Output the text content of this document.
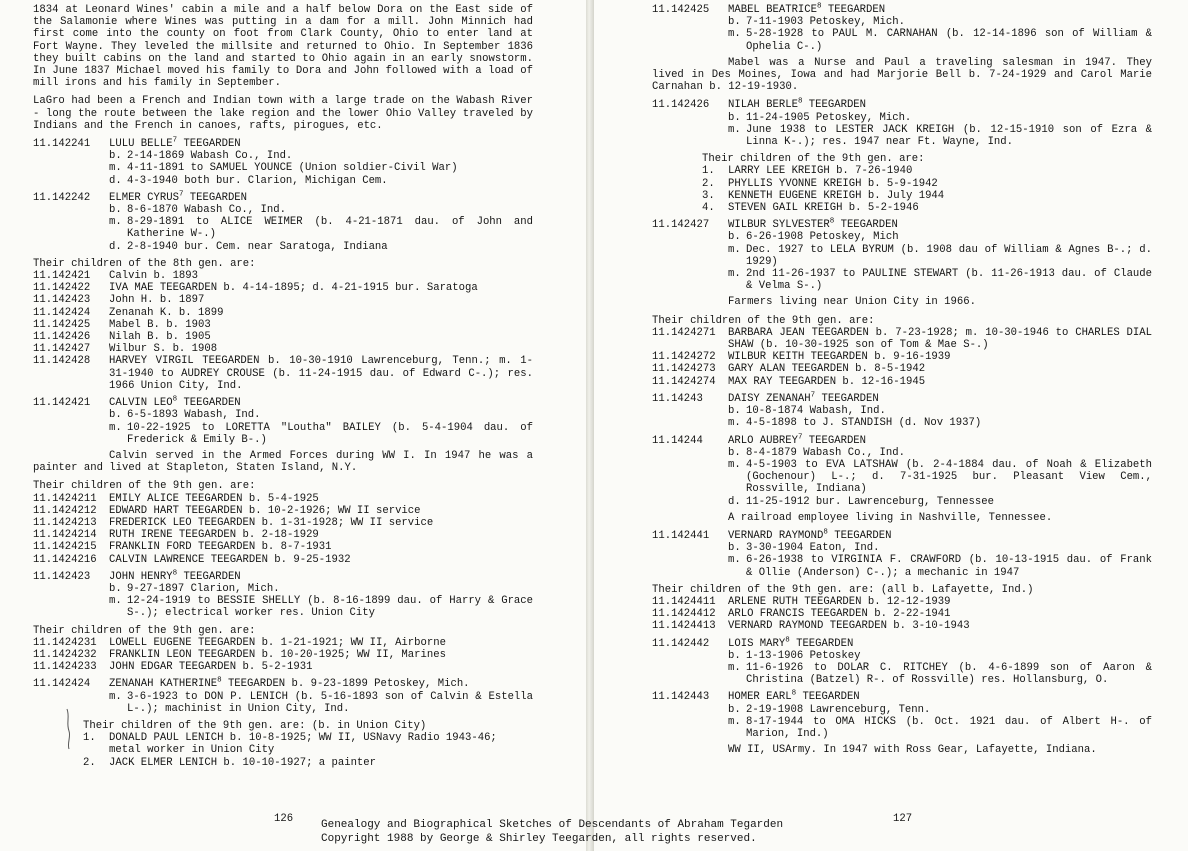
1834 at Leonard Wines' cabin a mile and a half below Dora on the East side of the Salamonie where Wines was putting in a dam for a mill. John Minnich had first come into the county on foot from Clark County, Ohio to enter land at Fort Wayne. They leveled the millsite and returned to Ohio. In September 1836 they built cabins on the land and started to Ohio again in an early snowstorm. In June 1837 Michael moved his family to Dora and John followed with a load of mill irons and his family in September.

LaGro had been a French and Indian town with a large trade on the Wabash River - long the route between the lake region and the lower Ohio Valley traveled by Indians and the French in canoes, rafts, pirogues, etc.

11.142241	LULU BELLE$^7$ TEEGARDEN
b. 2-14-1869 Wabash Co., Ind.
m. 4-11-1891 to SAMUEL YOUNCE (Union soldier-Civil War)
d. 4-3-1940 both bur. Clarion, Michigan Cem.
11.142242	ELMER CYRUS$^7$ TEEGARDEN
b. 8-6-1870 Wabash Co., Ind.
m. 8-29-1891 to ALICE WEIMER (b. 4-21-1871 dau. of John and Katherine W-.)
d. 2-8-1940 bur. Cem. near Saratoga, Indiana
Their children of the 8th gen. are:
11.142421	Calvin b. 1893
11.142422	IVA MAE TEEGARDEN b. 4-14-1895; d. 4-21-1915 bur. Saratoga
11.142423	John H. b. 1897
11.142424	Zenanah K. b. 1899
11.142425	Mabel B. b. 1903
11.142426	Nilah B. b. 1905
11.142427	Wilbur S. b. 1908
11.142428	HARVEY VIRGIL TEEGARDEN b. 10-30-1910 Lawrenceburg, Tenn.; m. 1-31-1940 to AUDREY CROUSE (b. 11-24-1915 dau. of Edward C-.); res. 1966 Union City, Ind.
11.142421	CALVIN LEO$^8$ TEEGARDEN
b. 6-5-1893 Wabash, Ind.
m. 10-22-1925 to LORETTA "Loutha" BAILEY (b. 5-4-1904 dau. of Frederick & Emily B-.)

Calvin served in the Armed Forces during WW I. In 1947 he was a painter and lived at Stapleton, Staten Island, N.Y.

Their children of the 9th gen. are:
11.1424211	EMILY ALICE TEEGARDEN b. 5-4-1925
11.1424212	EDWARD HART TEEGARDEN b. 10-2-1926; WW II service
11.1424213	FREDERICK LEO TEEGARDEN b. 1-31-1928; WW II service
11.1424214	RUTH IRENE TEEGARDEN b. 2-18-1929
11.1424215	FRANKLIN FORD TEEGARDEN b. 8-7-1931
11.1424216	CALVIN LAWRENCE TEEGARDEN b. 9-25-1932
11.142423	JOHN HENRY$^8$ TEEGARDEN
b. 9-27-1897 Clarion, Mich.
m. 12-24-1919 to BESSIE SHELLY (b. 8-16-1899 dau. of Harry & Grace S-.); electrical worker res. Union City
Their children of the 9th gen. are:
11.1424231	LOWELL EUGENE TEEGARDEN b. 1-21-1921; WW II, Airborne
11.1424232	FRANKLIN LEON TEEGARDEN b. 10-20-1925; WW II, Marines
11.1424233	JOHN EDGAR TEEGARDEN b. 5-2-1931
11.142424	ZENANAH KATHERINE$^8$ TEEGARDEN b. 9-23-1899 Petoskey, Mich.
m. 3-6-1923 to DON P. LENICH (b. 5-16-1893 son of Calvin & Estella L-.); machinist in Union City, Ind.
Their children of the 9th gen. are: (b. in Union City)
1.	DONALD PAUL LENICH b. 10-8-1925; WW II, USNavy Radio 1943-46; metal worker in Union City
2.	JACK ELMER LENICH b. 10-10-1927; a painter
126
11.142425	MABEL BEATRICE$^8$ TEEGARDEN
b. 7-11-1903 Petoskey, Mich.
m. 5-28-1928 to PAUL M. CARNAHAN (b. 12-14-1896 son of William & Ophelia C-.)

Mabel was a Nurse and Paul a traveling salesman in 1947. They lived in Des Moines, Iowa and had Marjorie Bell b. 7-24-1929 and Carol Marie Carnahan b. 12-19-1930.

11.142426	NILAH BERLE$^8$ TEEGARDEN
b. 11-24-1905 Petoskey, Mich.
m. June 1938 to LESTER JACK KREIGH (b. 12-15-1910 son of Ezra & Linna K-.); res. 1947 near Ft. Wayne, Ind.
Their children of the 9th gen. are:
1.	LARRY LEE KREIGH b. 7-26-1940
2.	PHYLLIS YVONNE KREIGH b. 5-9-1942
3.	KENNETH EUGENE KREIGH b. July 1944
4.	STEVEN GAIL KREIGH b. 5-2-1946
11.142427	WILBUR SYLVESTER$^8$ TEEGARDEN
b. 6-26-1908 Petoskey, Mich
m. Dec. 1927 to LELA BYRUM (b. 1908 dau of William & Agnes B-.; d. 1929)
m. 2nd 11-26-1937 to PAULINE STEWART (b. 11-26-1913 dau. of Claude & Velma S-.)

Farmers living near Union City in 1966.

Their children of the 9th gen. are:
11.1424271	BARBARA JEAN TEEGARDEN b. 7-23-1928; m. 10-30-1946 to CHARLES DIAL SHAW (b. 10-30-1925 son of Tom & Mae S-.)
11.1424272	WILBUR KEITH TEEGARDEN b. 9-16-1939
11.1424273	GARY ALAN TEEGARDEN b. 8-5-1942
11.1424274	MAX RAY TEEGARDEN b. 12-16-1945
11.14243	DAISY ZENANAH$^7$ TEEGARDEN
b. 10-8-1874 Wabash, Ind.
m. 4-5-1898 to J. STANDISH (d. Nov 1937)
11.14244	ARLO AUBREY$^7$ TEEGARDEN
b. 8-4-1879 Wabash Co., Ind.
m. 4-5-1903 to EVA LATSHAW (b. 2-4-1884 dau. of Noah & Elizabeth (Gochenour) L-.; d. 7-31-1925 bur. Pleasant View Cem., Rossville, Indiana)
d. 11-25-1912 bur. Lawrenceburg, Tennessee

A railroad employee living in Nashville, Tennessee.

11.142441	VERNARD RAYMOND$^8$ TEEGARDEN
b. 3-30-1904 Eaton, Ind.
m. 6-26-1938 to VIRGINIA F. CRAWFORD (b. 10-13-1915 dau. of Frank & Ollie (Anderson) C-.); a mechanic in 1947
Their children of the 9th gen. are: (all b. Lafayette, Ind.)
11.1424411	ARLENE RUTH TEEGARDEN b. 12-12-1939
11.1424412	ARLO FRANCIS TEEGARDEN b. 2-22-1941
11.1424413	VERNARD RAYMOND TEEGARDEN b. 3-10-1943
11.142442	LOIS MARY$^8$ TEEGARDEN
b. 1-13-1906 Petoskey
m. 11-6-1926 to DOLAR C. RITCHEY (b. 4-6-1899 son of Aaron & Christina (Batzel) R-. of Rossville) res. Hollansburg, O.
11.142443	HOMER EARL$^8$ TEEGARDEN
b. 2-19-1908 Lawrenceburg, Tenn.
m. 8-17-1944 to OMA HICKS (b. Oct. 1921 dau. of Albert H-. of Marion, Ind.)

WW II, USArmy. In 1947 with Ross Gear, Lafayette, Indiana.

127
Genealogy and Biographical Sketches of Descendants of Abraham Tegarden
Copyright 1988 by George & Shirley Teegarden, all rights reserved.
